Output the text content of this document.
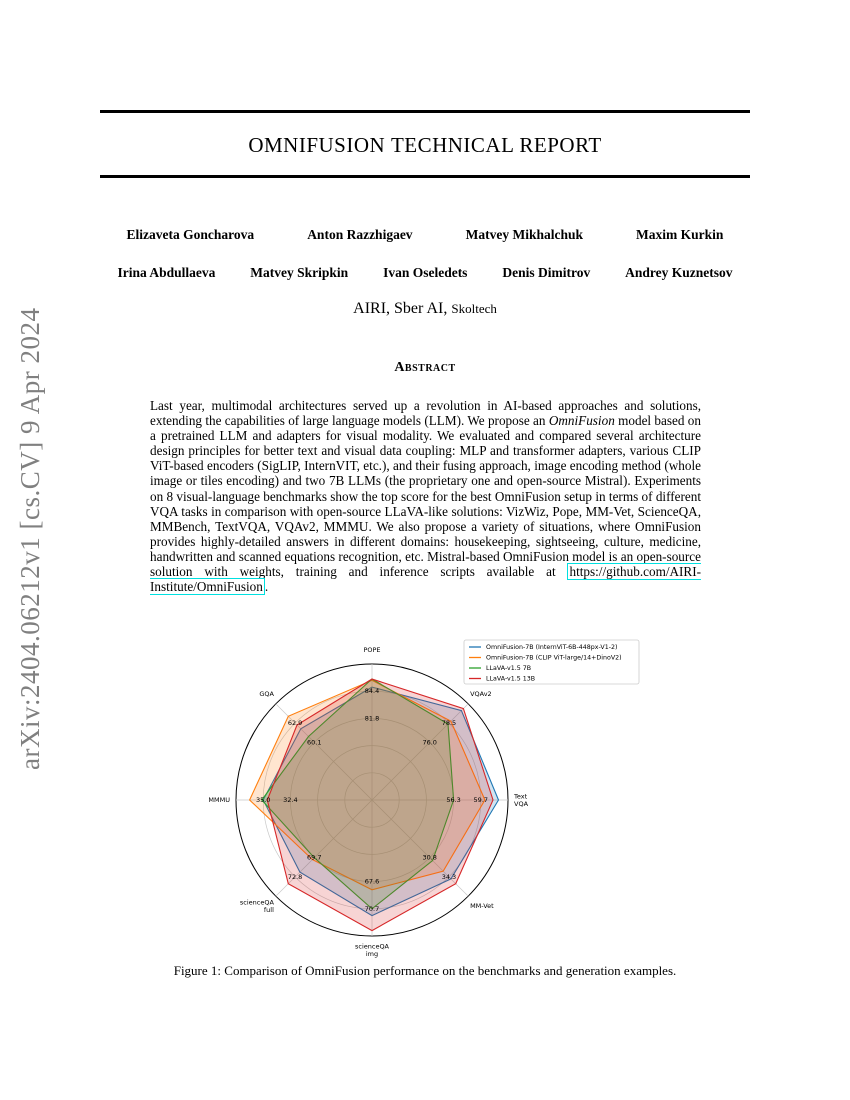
arXiv:2404.06212v1 [cs.CV] 9 Apr 2024
OMNIFUSION TECHNICAL REPORT
Elizaveta Goncharova	Anton Razzhigaev	Matvey Mikhalchuk	Maxim Kurkin
Irina Abdullaeva	Matvey Skripkin	Ivan Oseledets	Denis Dimitrov	Andrey Kuznetsov
AIRI, Sber AI, Skoltech
Abstract
Last year, multimodal architectures served up a revolution in AI-based approaches and solutions, extending the capabilities of large language models (LLM). We propose an OmniFusion model based on a pretrained LLM and adapters for visual modality. We evaluated and compared several architecture design principles for better text and visual data coupling: MLP and transformer adapters, various CLIP ViT-based encoders (SigLIP, InternVIT, etc.), and their fusing approach, image encoding method (whole image or tiles encoding) and two 7B LLMs (the proprietary one and open-source Mistral). Experiments on 8 visual-language benchmarks show the top score for the best OmniFusion setup in terms of different VQA tasks in comparison with open-source LLaVA-like solutions: VizWiz, Pope, MM-Vet, ScienceQA, MMBench, TextVQA, VQAv2, MMMU. We also propose a variety of situations, where OmniFusion provides highly-detailed answers in different domains: housekeeping, sightseeing, culture, medicine, handwritten and scanned equations recognition, etc. Mistral-based OmniFusion model is an open-source solution with weights, training and inference scripts available at https://github.com/AIRI-Institute/OmniFusion .
81.8
84.4
76.0
78.5
56.3 59.7
30.8
34.3
67.6
70.7
69.7
72.8
32.4
35.0
60.1
62.9
POPE
VQAv2
Text VQA
MM-Vet
scienceQA img
scienceQA full
MMMU
GQA
OmniFusion-7B (InternViT-6B-448px-V1-2)
OmniFusion-7B (CLIP ViT-large/14+DinoV2)
LLaVA-v1.5 7B
LLaVA-v1.5 13B
Figure 1: Comparison of OmniFusion performance on the benchmarks and generation examples.
